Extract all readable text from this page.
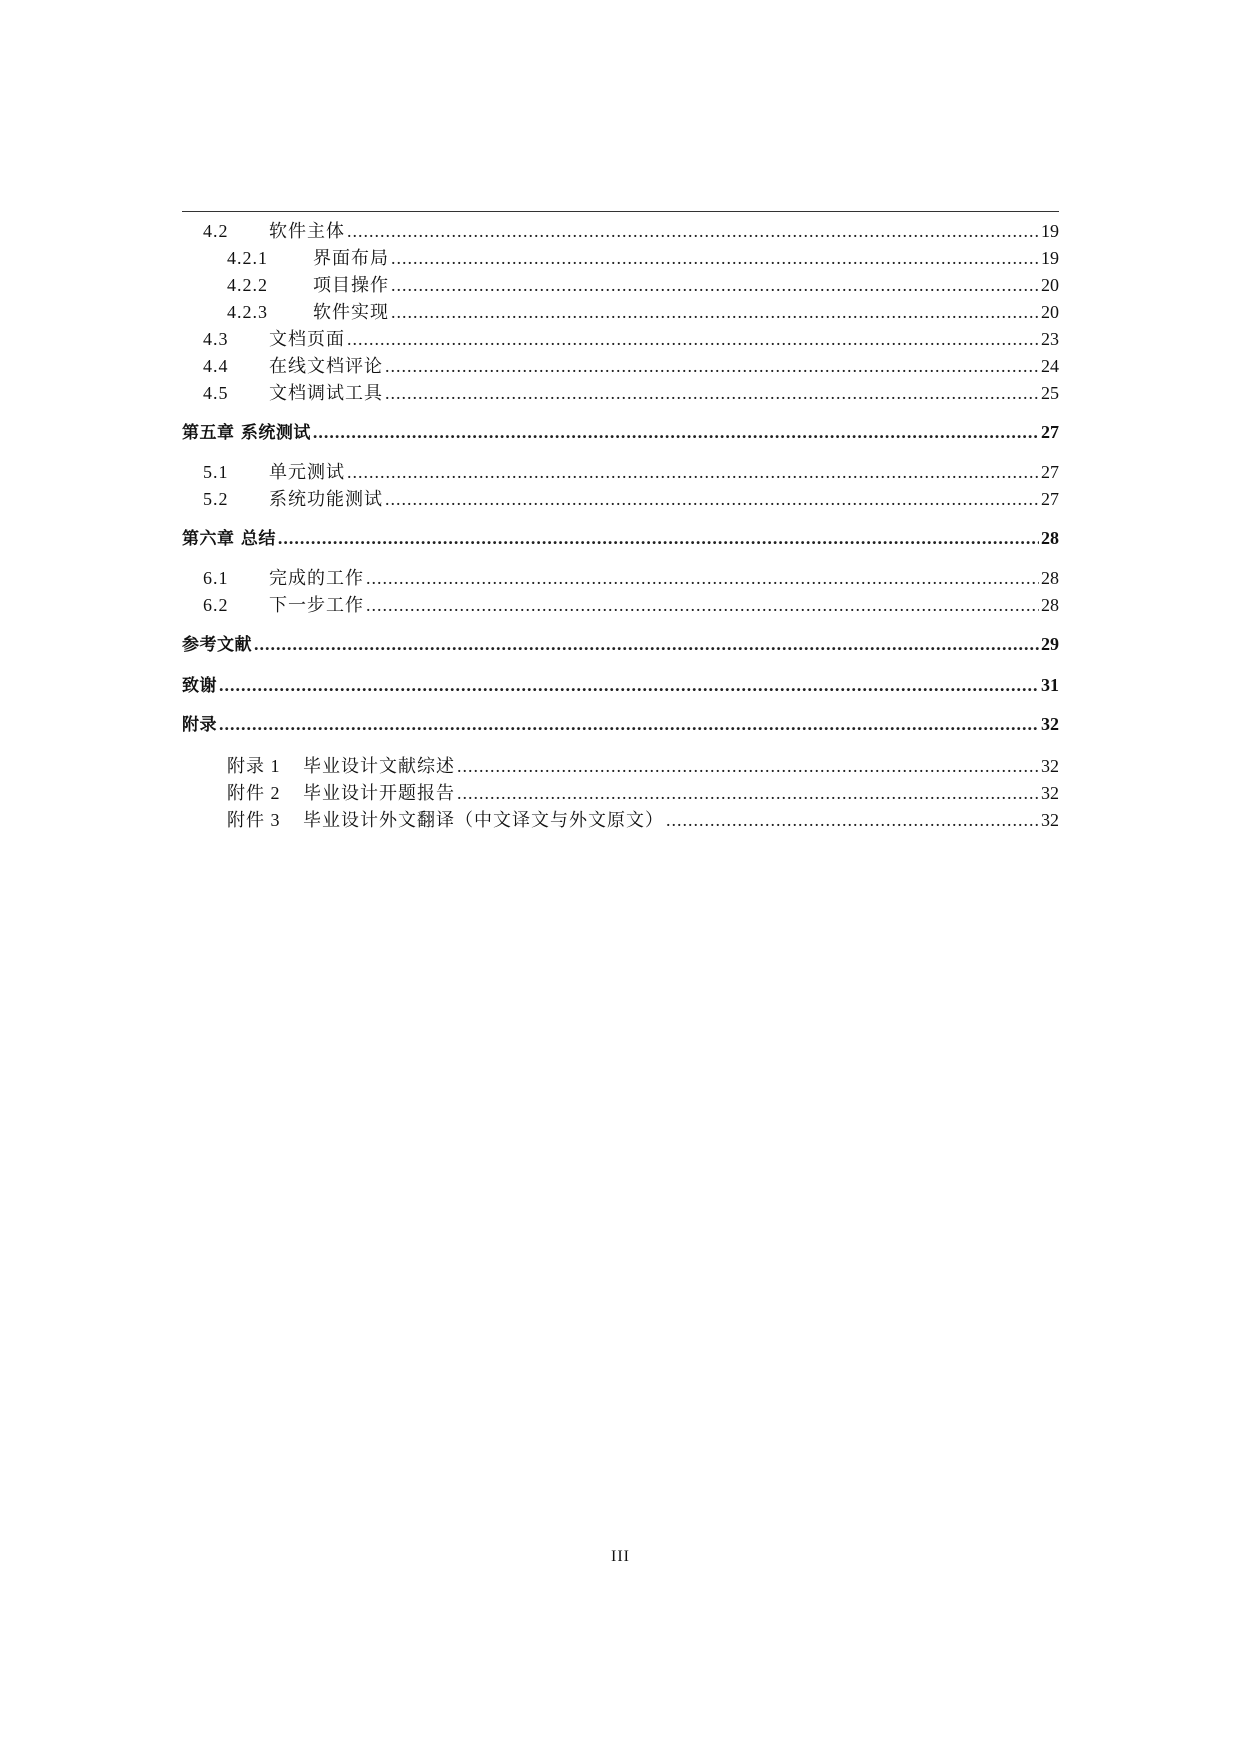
4.2	软件主体 .....	19
4.2.1	界面布局 .....	19
4.2.2	项目操作 .....	20
4.2.3	软件实现 .....	20
4.3	文档页面 .....	23
4.4	在线文档评论 .....	24
4.5	文档调试工具 .....	25
第五章 系统测试 .....	27
5.1	单元测试 .....	27
5.2	系统功能测试 .....	27
第六章 总结 .....	28
6.1	完成的工作 .....	28
6.2	下一步工作 .....	28
参考文献 .....	29
致谢 .....	31
附录 .....	32
附录 1	毕业设计文献综述 .....	32
附件 2	毕业设计开题报告 .....	32
附件 3	毕业设计外文翻译（中文译文与外文原文） .....	32
III
